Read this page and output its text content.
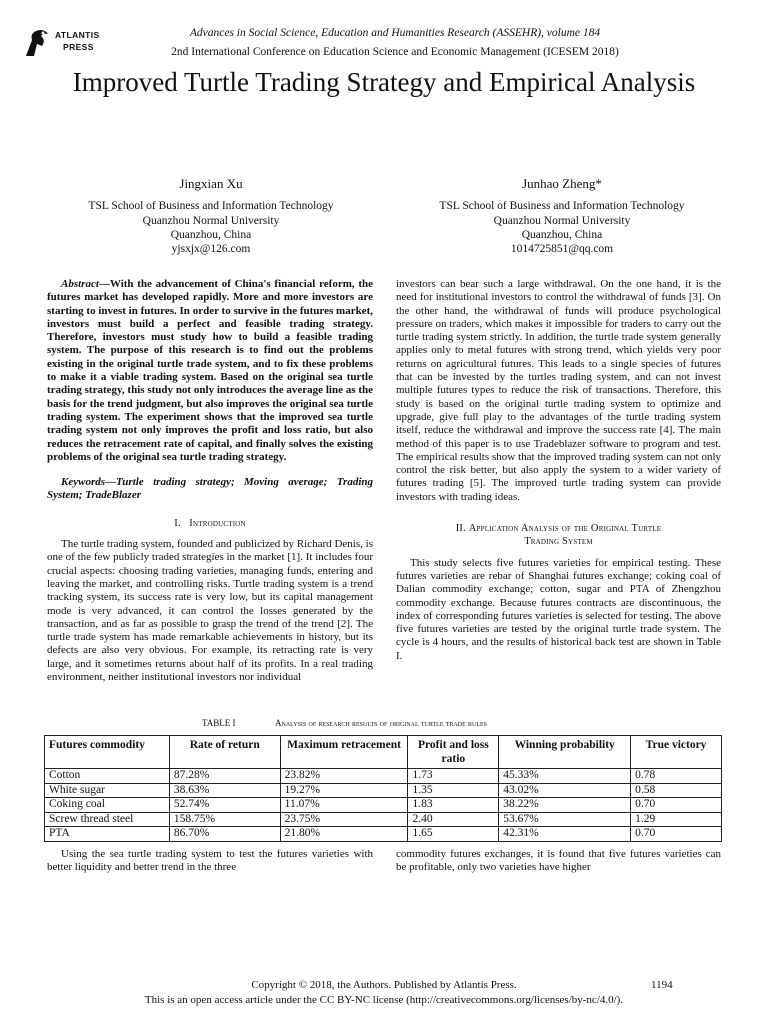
ATLANTIS
PRESS
Advances in Social Science, Education and Humanities Research (ASSEHR), volume 184
2nd International Conference on Education Science and Economic Management (ICESEM 2018)
Improved Turtle Trading Strategy and Empirical Analysis
Jingxian Xu
TSL School of Business and Information Technology
Quanzhou Normal University
Quanzhou, China
yjsxjx@126.com
Junhao Zheng*
TSL School of Business and Information Technology
Quanzhou Normal University
Quanzhou, China
1014725851@qq.com

Abstract—With the advancement of China's financial reform, the futures market has developed rapidly. More and more investors are starting to invest in futures. In order to survive in the futures market, investors must build a perfect and feasible trading strategy. Therefore, investors must study how to build a feasible trading system. The purpose of this research is to find out the problems existing in the original turtle trade system, and to fix these problems to make it a viable trading system. Based on the original sea turtle trading strategy, this study not only introduces the average line as the basis for the trend judgment, but also improves the original sea turtle trading system. The experiment shows that the improved sea turtle trading system not only improves the profit and loss ratio, but also reduces the retracement rate of capital, and finally solves the existing problems of the original sea turtle trading strategy.

Keywords—Turtle trading strategy; Moving average; Trading System; TradeBlazer

I. Introduction

The turtle trading system, founded and publicized by Richard Denis, is one of the few publicly traded strategies in the market [1]. It includes four crucial aspects: choosing trading varieties, managing funds, entering and leaving the market, and controlling risks. Turtle trading system is a trend tracking system, its success rate is very low, but its capital management mode is very advanced, it can control the losses generated by the transaction, and as far as possible to grasp the trend of the trend [2]. The turtle trade system has made remarkable achievements in history, but its defects are also very obvious. For example, its retracting rate is very large, and it sometimes returns about half of its profits. In a real trading environment, neither institutional investors nor individual

investors can bear such a large withdrawal. On the one hand, it is the need for institutional investors to control the withdrawal of funds [3]. On the other hand, the withdrawal of funds will produce psychological pressure on traders, which makes it impossible for traders to carry out the turtle trading system strictly. In addition, the turtle trade system generally applies only to metal futures with strong trend, which yields very poor returns on agricultural futures. This leads to a single species of futures that can be invested by the turtles trading system, and can not invest multiple futures types to reduce the risk of transactions. Therefore, this study is based on the original turtle trading system to optimize and upgrade, give full play to the advantages of the turtle trading system itself, reduce the withdrawal and improve the success rate [4]. The main method of this paper is to use Tradeblazer software to program and test. The empirical results show that the improved trading system can not only control the risk better, but also apply the system to a wider variety of futures trading [5]. The improved turtle trading system can provide investors with trading ideas.

II. Application Analysis of the Original Turtle
Trading System

This study selects five futures varieties for empirical testing. These futures varieties are rebar of Shanghai futures exchange; coking coal of Dalian commodity exchange; cotton, sugar and PTA of Zhengzhou commodity exchange. Because futures contracts are discontinuous, the index of corresponding futures varieties is selected for testing. The above five futures varieties are tested by the original turtle trade system. The cycle is 4 hours, and the results of historical back test are shown in Table I.

TABLE I	Analysis of research results of original turtle trade rules
Futures commodity	Rate of return	Maximum retracement	Profit and loss ratio	Winning probability	True victory
Cotton	87.28%	23.82%	1.73	45.33%	0.78
White sugar	38.63%	19.27%	1.35	43.02%	0.58
Coking coal	52.74%	11.07%	1.83	38.22%	0.70
Screw thread steel	158.75%	23.75%	2.40	53.67%	1.29
PTA	86.70%	21.80%	1.65	42.31%	0.70

Using the sea turtle trading system to test the futures varieties with better liquidity and better trend in the three

commodity futures exchanges, it is found that five futures varieties can be profitable, only two varieties have higher

Copyright © 2018, the Authors. Published by Atlantis Press.	1194
This is an open access article under the CC BY-NC license (http://creativecommons.org/licenses/by-nc/4.0/).
